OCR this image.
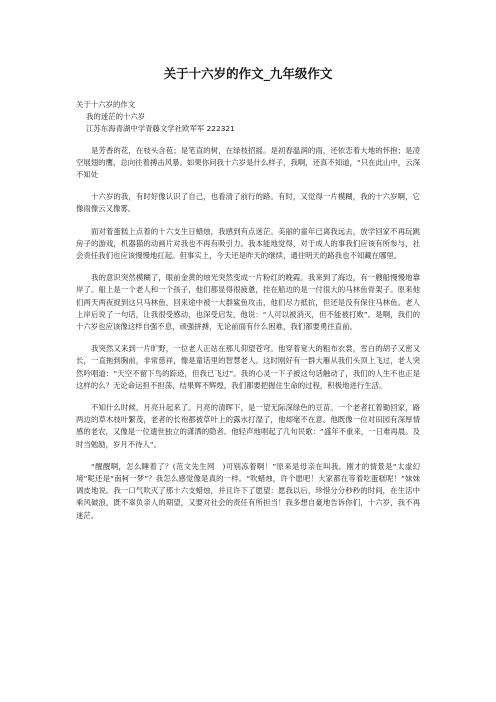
关于十六岁的作文_九年级作文
关于十六岁的作文
我的迷茫的十六岁
江苏东海青湖中学青藤文学社欧军军 222321

是芳香的花，在枝头含苞；是笔直的树，在绿枝招摇。是初春温润的雨，还依恋着大地的怀抱；是凌空展翅的鹰，总向往着搏击风暴。如果你问我十六岁是什么样子，我啊，还真不知道，“只在此山中，云深不知处

十六岁的我，有时好像认识了自己，也看清了前行的路。有时，又觉得一片模糊，我的十六岁啊，它像雨像云又像雾。

面对着蛋糕上点着的十六支生日蜡烛，我感到有点迷茫。美丽的童年已离我远去，放学回家不再玩跳房子的游戏，机器猫的动画片对我也不再有吸引力。我本能地觉得，对于成人的事我们应该有所参与，社会责任我们也应该慢慢地扛起。但事实上，今天还是昨天的继续，通往明天的路我也不知藏在哪里。

我的意识突然模糊了，眼前金黄的烛光突然变成一片粉红的晚霞。我来到了海边，有一艘船慢慢地靠岸了。船上是一个老人和一个孩子，他们都显得很疲惫，挂在船边的是一付很大的马林鱼骨架子。原来他们两天两夜捉到这只马林鱼，回来途中被一大群鲨鱼攻击，他们尽力抵抗，但还是没有保住马林鱼。老人上岸后说了一句话，让我很受感动，也深受启发，他说：“人可以被消灭，但不能被打败”。是啊，我们的十六岁也应该像这样自强不息，顽强拼搏，无论前面有什么困难，我们都要勇往直前。

我突然又来到一片旷野，一位老人正站在那儿仰望苍穹。他穿着宽大的粗布衣裳，雪白的胡子又密又长，一直拖到胸前，非常慈祥，像是童话里的智慧老人。这时刚好有一群大雁从我们头顶上飞过，老人突然吟唱道：“天空不留下鸟的踪迹，但我已飞过”。我的心灵一下子被这句话触动了，我们的人生不也正是这样的么？无论命运担不担荡，结果辉不辉煌，我们都要把握住生命的过程，积极地进行生活。

不知什么时候，月亮升起来了。月亮的清晖下，是一望无际深绿色的豆苗。一个老者扛着锄回家，路两边的草木枝叶繁茂，老者的长袍都被草叶上的露水打湿了，他却毫不在意。他既像一位对田园有深厚情感的老农，又像是一位遗世独立的潇洒的隐者。他轻声地唱起了几句民歌：“盛年不重来，一日难再晨。及时当勉励，岁月不待人”。

“醒醒啊，怎么睡着了？(范文先生网　)可别冻着啊！”原来是母亲在叫我。刚才的情景是“太虚幻境”呢还是“南柯一梦”？我怎么感觉像是真的一样。“吹蜡烛，许个愿吧！大家都在等着吃蛋糕呢！”妹妹调皮地说。我一口气吹灭了那十六支蜡烛，并且许下了愿望：愿我以后，珍惜分分秒秒的时间，在生活中乘风破浪，既不辜负亲人的期望，又要对社会的责任有所担当！我多想自豪地告诉你们，十六岁，我不再迷茫。
